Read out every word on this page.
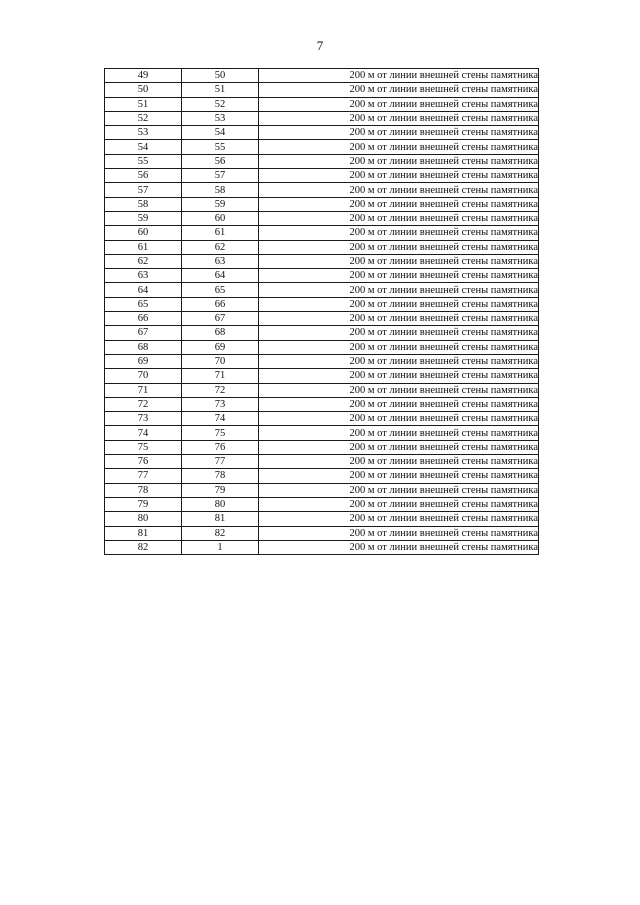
7
49	50	200 м от линии внешней стены памятника
50	51	200 м от линии внешней стены памятника
51	52	200 м от линии внешней стены памятника
52	53	200 м от линии внешней стены памятника
53	54	200 м от линии внешней стены памятника
54	55	200 м от линии внешней стены памятника
55	56	200 м от линии внешней стены памятника
56	57	200 м от линии внешней стены памятника
57	58	200 м от линии внешней стены памятника
58	59	200 м от линии внешней стены памятника
59	60	200 м от линии внешней стены памятника
60	61	200 м от линии внешней стены памятника
61	62	200 м от линии внешней стены памятника
62	63	200 м от линии внешней стены памятника
63	64	200 м от линии внешней стены памятника
64	65	200 м от линии внешней стены памятника
65	66	200 м от линии внешней стены памятника
66	67	200 м от линии внешней стены памятника
67	68	200 м от линии внешней стены памятника
68	69	200 м от линии внешней стены памятника
69	70	200 м от линии внешней стены памятника
70	71	200 м от линии внешней стены памятника
71	72	200 м от линии внешней стены памятника
72	73	200 м от линии внешней стены памятника
73	74	200 м от линии внешней стены памятника
74	75	200 м от линии внешней стены памятника
75	76	200 м от линии внешней стены памятника
76	77	200 м от линии внешней стены памятника
77	78	200 м от линии внешней стены памятника
78	79	200 м от линии внешней стены памятника
79	80	200 м от линии внешней стены памятника
80	81	200 м от линии внешней стены памятника
81	82	200 м от линии внешней стены памятника
82	1	200 м от линии внешней стены памятника
